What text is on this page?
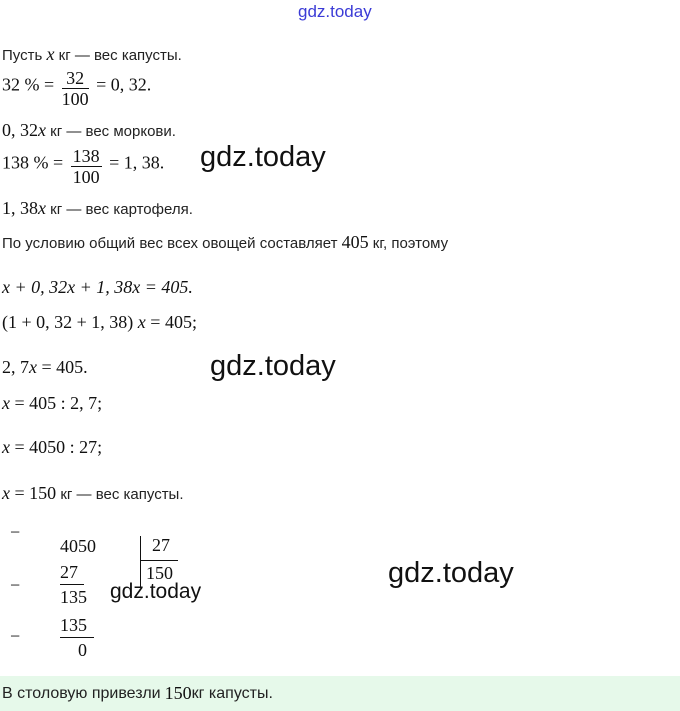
gdz.today
Пусть x кг — вес капусты.
32 % = $\frac{32}{100} = 0$, 32.
0, 32x кг — вес моркови.
138 % = $\frac{138}{100} = 1$, 38. gdz.today
1, 38x кг — вес картофеля.
По условию общий вес всех овощей составляет 405 кг, поэтому
x + 0, 32x + 1, 38x = 405.
(1 + 0, 32 + 1, 38) x = 405;
2, 7x = 405.	gdz.today
x = 405 : 2, 7;
x = 4050 : 27;
x = 150 кг — вес капусты.
−
4050	27
150
−
27
135 gdz.today
−
135
0
gdz.today
В столовую привезли 150 кг капусты.
